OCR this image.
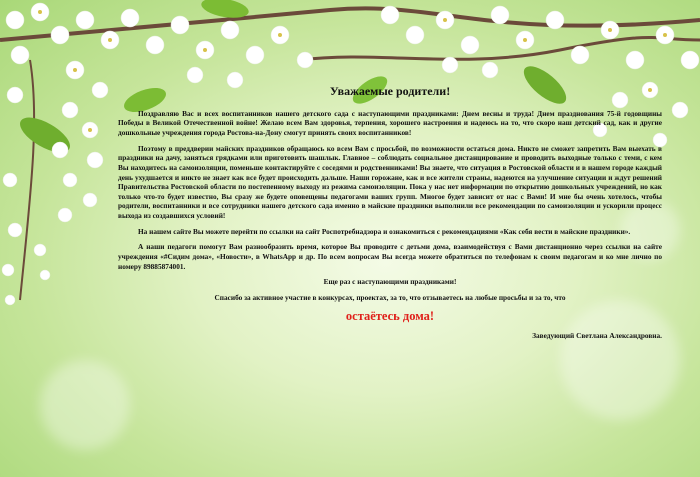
Уважаемые родители!

Поздравляю Вас и всех воспитанников нашего детского сада с наступающими праздниками: Днем весны и труда! Днем празднования 75-й годовщины Победы в Великой Отечественной войне! Желаю всем Вам здоровья, терпения, хорошего настроения и надеюсь на то, что скоро наш детский сад, как и другие дошкольные учреждения города Ростова-на-Дону смогут принять своих воспитанников!

Поэтому в преддверии майских праздников обращаюсь ко всем Вам с просьбой, по возможности остаться дома. Никто не сможет запретить Вам выехать в праздники на дачу, заняться грядками или приготовить шашлык. Главное – соблюдать социальное дистанцирование и проводить выходные только с теми, с кем Вы находитесь на самоизоляции, поменьше контактируйте с соседями и родственниками! Вы знаете, что ситуация в Ростовской области и в нашем городе каждый день ухудшается и никто не знает как все будет происходить дальше. Наши горожане, как и все жители страны, надеются на улучшение ситуации и ждут решений Правительства Ростовской области по постепенному выходу из режима самоизоляции. Пока у нас нет информации по открытию дошкольных учреждений, но как только что-то будет известно, Вы сразу же будете оповещены педагогами ваших групп. Многое будет зависит от нас с Вами! И мне бы очень хотелось, чтобы родители, воспитанники и все сотрудники нашего детского сада именно в майские праздники выполнили все рекомендации по самоизоляции и ускорили процесс выхода из создавшихся условий!

На нашем сайте Вы можете перейти по ссылки на сайт Роспотребнадзора и ознакомиться с рекомендациями «Как себя вести в майские праздники».

А наши педагоги помогут Вам разнообразить время, которое Вы проводите с детьми дома, взаимодействуя с Вами дистанционно через ссылки на сайте учреждения «#Сидим дома», «Новости», в WhatsApp и др. По всем вопросам Вы всегда можете обратиться по телефонам к своим педагогам и ко мне лично по номеру 89885874001.

Еще раз с наступающими праздниками!

Спасибо за активное участие в конкурсах, проектах, за то, что отзываетесь на любые просьбы и за то, что

остаётесь дома!
Заведующий Светлана Александровна.
